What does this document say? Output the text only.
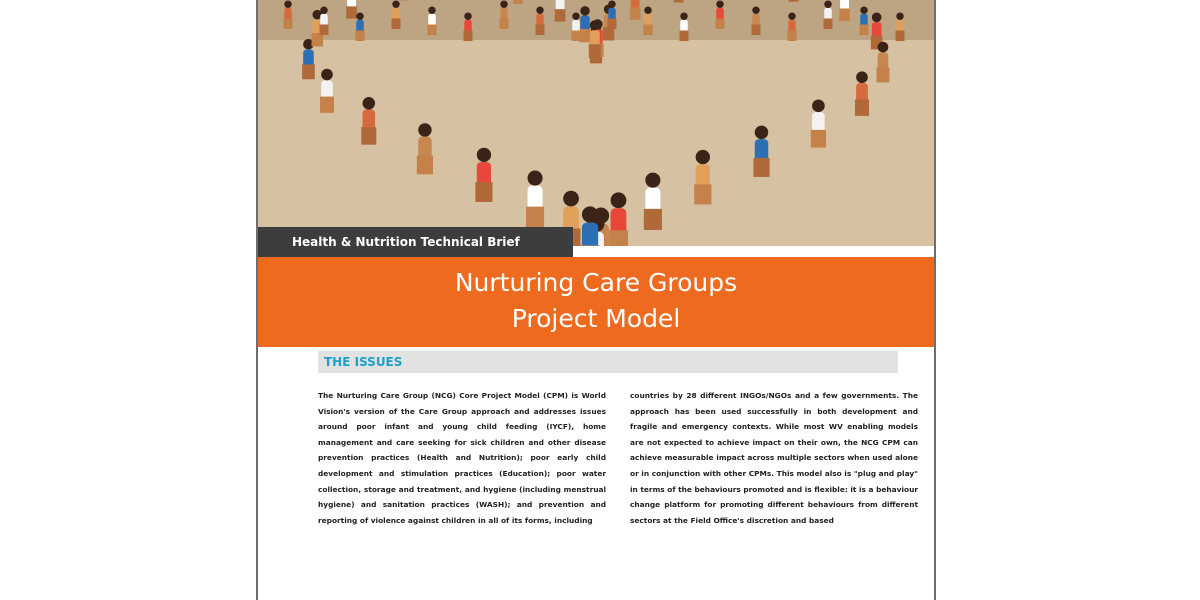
Health & Nutrition Technical Brief
Nurturing Care Groups
Project Model
THE ISSUES

The Nurturing Care Group (NCG) Core Project Model (CPM) is World Vision's version of the Care Group approach and addresses issues around poor infant and young child feeding (IYCF), home management and care seeking for sick children and other disease prevention practices (Health and Nutrition); poor early child development and stimulation practices (Education); poor water collection, storage and treatment, and hygiene (including menstrual hygiene) and sanitation practices (WASH); and prevention and reporting of violence against children in all of its forms, including

countries by 28 different INGOs/NGOs and a few governments. The approach has been used successfully in both development and fragile and emergency contexts. While most WV enabling models are not expected to achieve impact on their own, the NCG CPM can achieve measurable impact across multiple sectors when used alone or in conjunction with other CPMs. This model also is "plug and play" in terms of the behaviours promoted and is flexible: it is a behaviour change platform for promoting different behaviours from different sectors at the Field Office's discretion and based
